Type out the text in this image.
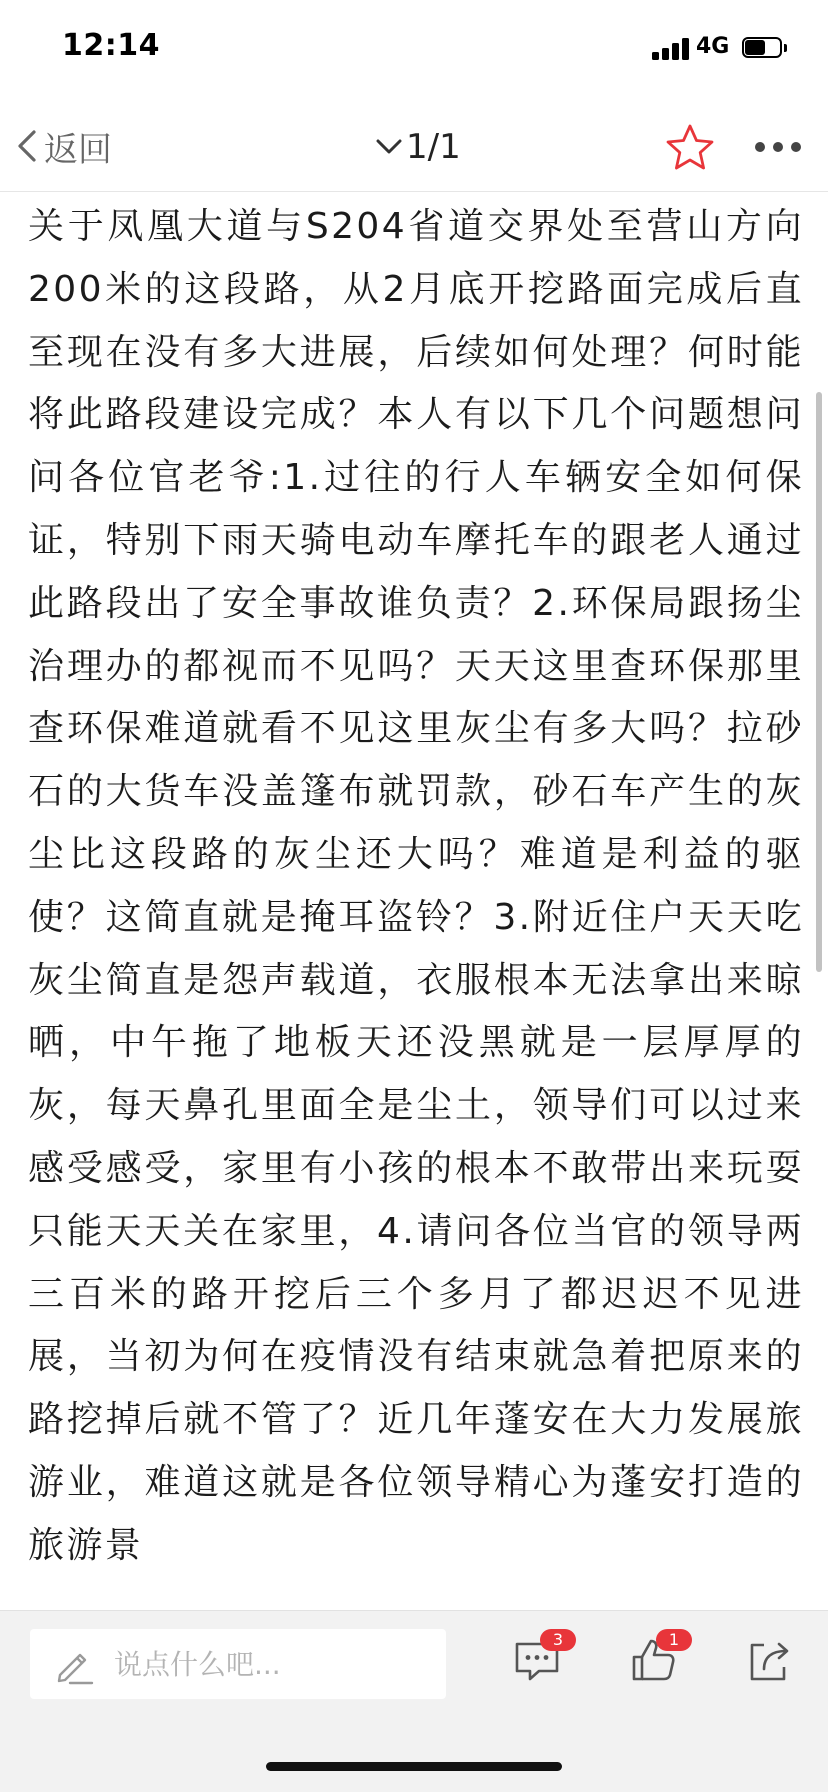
12:14	4G
返回	1/1

关于凤凰大道与S204省道交界处至营山方向200米的这段路，从2月底开挖路面完成后直至现在没有多大进展，后续如何处理？何时能将此路段建设完成？本人有以下几个问题想问问各位官老爷:1.过往的行人车辆安全如何保证，特别下雨天骑电动车摩托车的跟老人通过此路段出了安全事故谁负责？2.环保局跟扬尘治理办的都视而不见吗？天天这里查环保那里查环保难道就看不见这里灰尘有多大吗？拉砂石的大货车没盖篷布就罚款，砂石车产生的灰尘比这段路的灰尘还大吗？难道是利益的驱使？这简直就是掩耳盗铃？3.附近住户天天吃灰尘简直是怨声载道，衣服根本无法拿出来晾晒，中午拖了地板天还没黑就是一层厚厚的灰，每天鼻孔里面全是尘土，领导们可以过来感受感受，家里有小孩的根本不敢带出来玩耍只能天天关在家里，4.请问各位当官的领导两三百米的路开挖后三个多月了都迟迟不见进展，当初为何在疫情没有结束就急着把原来的路挖掉后就不管了？近几年蓬安在大力发展旅游业，难道这就是各位领导精心为蓬安打造的旅游景

说点什么吧...
3	1
